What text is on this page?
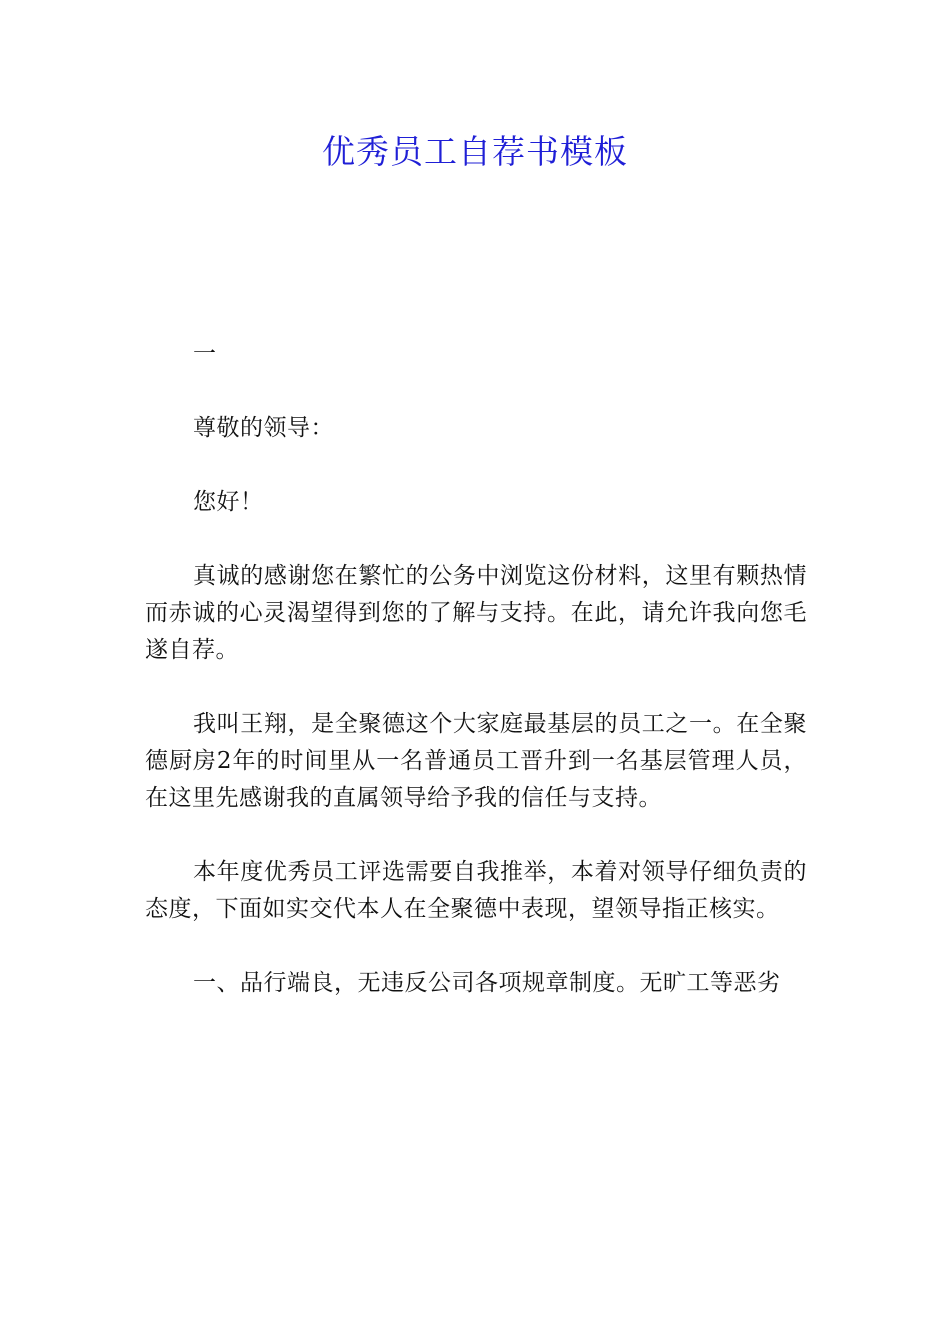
优秀员工自荐书模板

一

尊敬的领导：

您好！

真诚的感谢您在繁忙的公务中浏览这份材料，这里有颗热情而赤诚的心灵渴望得到您的了解与支持。在此，请允许我向您毛遂自荐。

我叫王翔，是全聚德这个大家庭最基层的员工之一。在全聚德厨房2年的时间里从一名普通员工晋升到一名基层管理人员，在这里先感谢我的直属领导给予我的信任与支持。

本年度优秀员工评选需要自我推举，本着对领导仔细负责的态度，下面如实交代本人在全聚德中表现，望领导指正核实。

一、品行端良，无违反公司各项规章制度。无旷工等恶劣
